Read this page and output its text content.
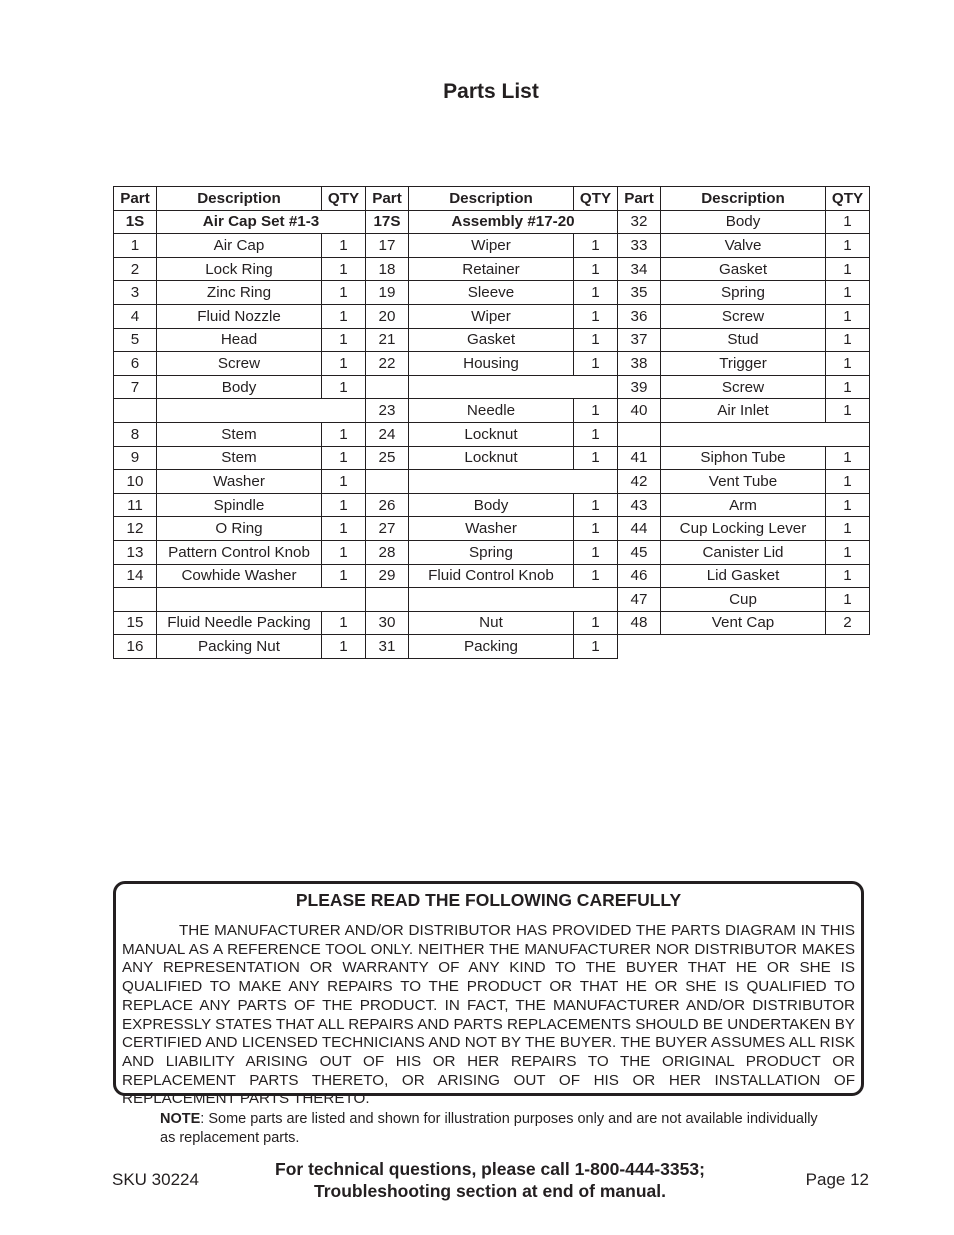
Parts List
Part	Description	QTY	Part	Description	QTY	Part	Description	QTY
1S	Air Cap Set #1-3		17S	Assembly #17-20		32	Body	1
1	Air Cap	1	17	Wiper	1	33	Valve	1
2	Lock Ring	1	18	Retainer	1	34	Gasket	1
3	Zinc Ring	1	19	Sleeve	1	35	Spring	1
4	Fluid Nozzle	1	20	Wiper	1	36	Screw	1
5	Head	1	21	Gasket	1	37	Stud	1
6	Screw	1	22	Housing	1	38	Trigger	1
7	Body	1				39	Screw	1
			23	Needle	1	40	Air Inlet	1
8	Stem	1	24	Locknut	1			
9	Stem	1	25	Locknut	1	41	Siphon Tube	1
10	Washer	1				42	Vent Tube	1
11	Spindle	1	26	Body	1	43	Arm	1
12	O Ring	1	27	Washer	1	44	Cup Locking Lever	1
13	Pattern Control Knob	1	28	Spring	1	45	Canister Lid	1
14	Cowhide Washer	1	29	Fluid Control Knob	1	46	Lid Gasket	1
						47	Cup	1
15	Fluid Needle Packing	1	30	Nut	1	48	Vent Cap	2
16	Packing Nut	1	31	Packing	1			
PLEASE READ THE FOLLOWING CAREFULLY

THE MANUFACTURER AND/OR DISTRIBUTOR HAS PROVIDED THE PARTS DIAGRAM IN THIS MANUAL AS A REFERENCE TOOL ONLY. NEITHER THE MANUFACTURER NOR DISTRIBUTOR MAKES ANY REPRESENTATION OR WARRANTY OF ANY KIND TO THE BUYER THAT HE OR SHE IS QUALIFIED TO MAKE ANY REPAIRS TO THE PRODUCT OR THAT HE OR SHE IS QUALIFIED TO REPLACE ANY PARTS OF THE PRODUCT. IN FACT, THE MANUFACTURER AND/OR DISTRIBUTOR EXPRESSLY STATES THAT ALL REPAIRS AND PARTS REPLACEMENTS SHOULD BE UNDERTAKEN BY CERTIFIED AND LICENSED TECHNICIANS AND NOT BY THE BUYER. THE BUYER ASSUMES ALL RISK AND LIABILITY ARISING OUT OF HIS OR HER REPAIRS TO THE ORIGINAL PRODUCT OR REPLACEMENT PARTS THERETO, OR ARISING OUT OF HIS OR HER INSTALLATION OF REPLACEMENT PARTS THERETO.

NOTE: Some parts are listed and shown for illustration purposes only and are not available individually as replacement parts.
SKU 30224
For technical questions, please call 1-800-444-3353;
Troubleshooting section at end of manual.
Page 12
